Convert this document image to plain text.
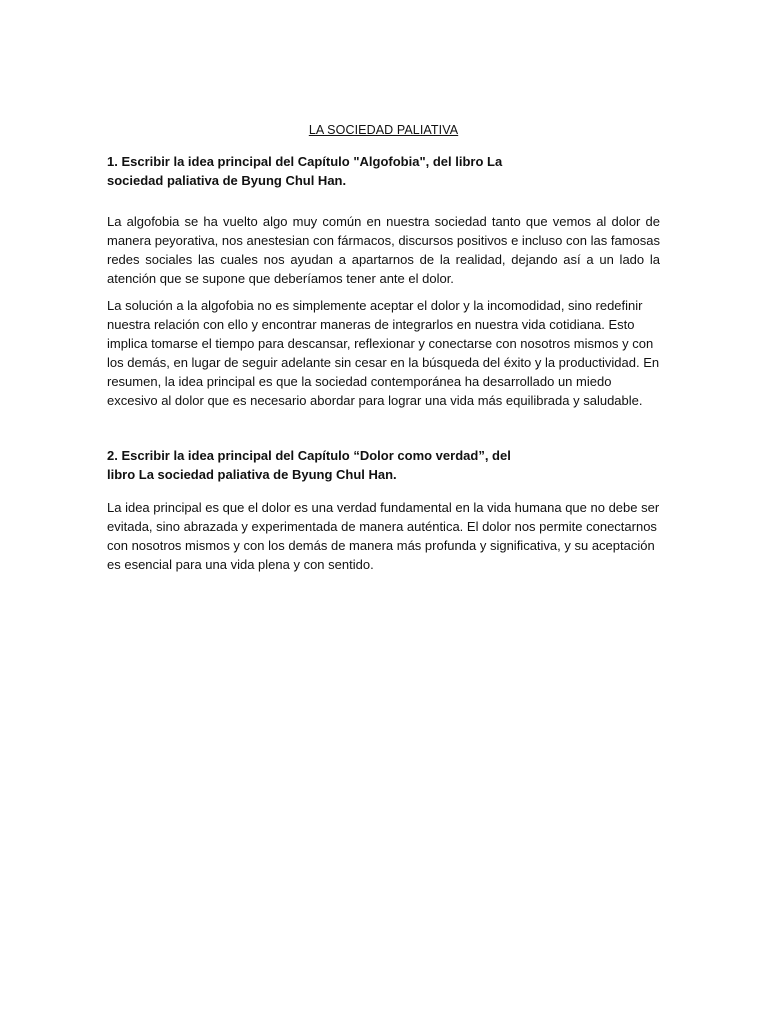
LA SOCIEDAD PALIATIVA

1. Escribir la idea principal del Capítulo "Algofobia", del libro La sociedad paliativa de Byung Chul Han.

La algofobia se ha vuelto algo muy común en nuestra sociedad tanto que vemos al dolor de manera peyorativa, nos anestesian con fármacos, discursos positivos e incluso con las famosas redes sociales las cuales nos ayudan a apartarnos de la realidad, dejando así a un lado la atención que se supone que deberíamos tener ante el dolor.

La solución a la algofobia no es simplemente aceptar el dolor y la incomodidad, sino redefinir nuestra relación con ello y encontrar maneras de integrarlos en nuestra vida cotidiana. Esto implica tomarse el tiempo para descansar, reflexionar y conectarse con nosotros mismos y con los demás, en lugar de seguir adelante sin cesar en la búsqueda del éxito y la productividad. En resumen, la idea principal es que la sociedad contemporánea ha desarrollado un miedo excesivo al dolor que es necesario abordar para lograr una vida más equilibrada y saludable.

2. Escribir la idea principal del Capítulo “Dolor como verdad”, del libro La sociedad paliativa de Byung Chul Han.

La idea principal es que el dolor es una verdad fundamental en la vida humana que no debe ser evitada, sino abrazada y experimentada de manera auténtica. El dolor nos permite conectarnos con nosotros mismos y con los demás de manera más profunda y significativa, y su aceptación es esencial para una vida plena y con sentido.
